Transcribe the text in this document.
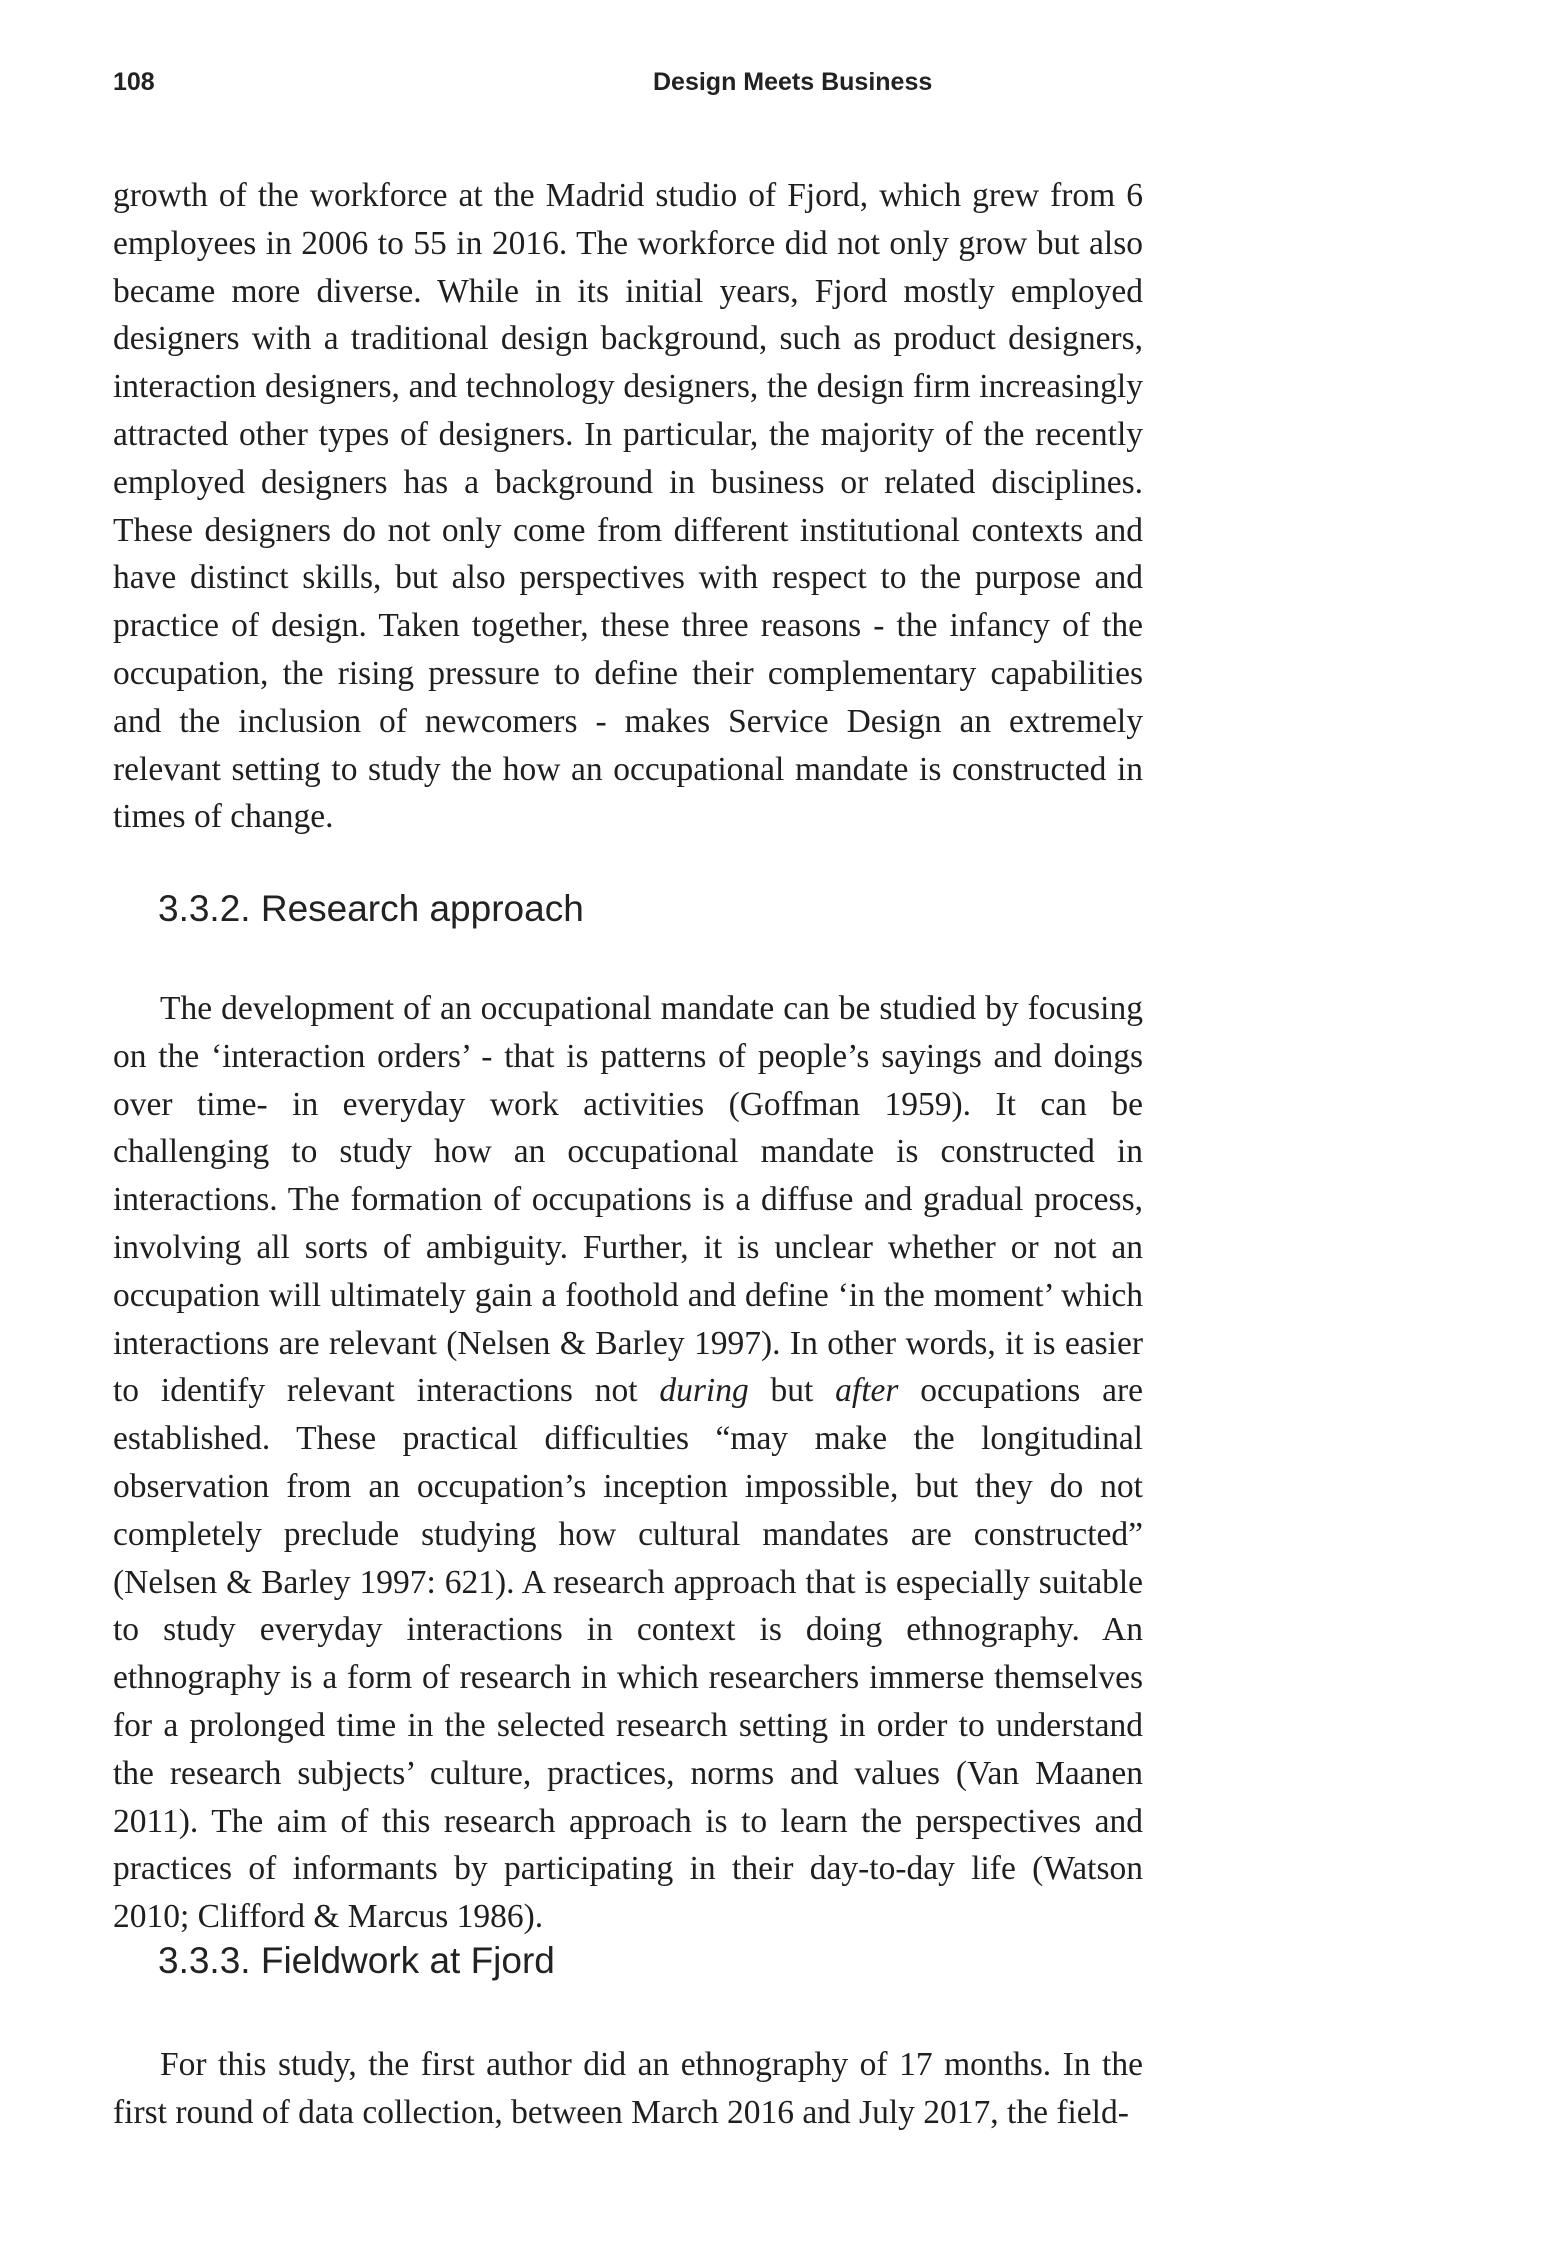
108	Design Meets Business

growth of the workforce at the Madrid studio of Fjord, which grew from 6 employees in 2006 to 55 in 2016. The workforce did not only grow but also became more diverse. While in its initial years, Fjord mostly employed designers with a traditional design background, such as product designers, interaction designers, and technology designers, the design firm increasingly attracted other types of designers. In particular, the majority of the recently employed designers has a background in business or related disciplines. These designers do not only come from different institutional contexts and have distinct skills, but also perspectives with respect to the purpose and practice of design. Taken together, these three reasons - the infancy of the occupation, the rising pressure to define their complementary capabilities and the inclusion of newcomers - makes Service Design an extremely relevant setting to study the how an occupational mandate is constructed in times of change.

3.3.2. Research approach

The development of an occupational mandate can be studied by focusing on the ‘interaction orders’ - that is patterns of people’s sayings and doings over time- in everyday work activities (Goffman 1959). It can be challenging to study how an occupational mandate is constructed in interactions. The formation of occupations is a diffuse and gradual process, involving all sorts of ambiguity. Further, it is unclear whether or not an occupation will ultimately gain a foothold and define ‘in the moment’ which interactions are relevant (Nelsen & Barley 1997). In other words, it is easier to identify relevant interactions not during but after occupations are established. These practical difficulties “may make the longitudinal observation from an occupation’s inception impossible, but they do not completely preclude studying how cultural mandates are constructed” (Nelsen & Barley 1997: 621). A research approach that is especially suitable to study everyday interactions in context is doing ethnography. An ethnography is a form of research in which researchers immerse themselves for a prolonged time in the selected research setting in order to understand the research subjects’ culture, practices, norms and values (Van Maanen 2011). The aim of this research approach is to learn the perspectives and practices of informants by participating in their day-to-day life (Watson 2010; Clifford & Marcus 1986).

3.3.3. Fieldwork at Fjord

For this study, the first author did an ethnography of 17 months. In the first round of data collection, between March 2016 and July 2017, the field-
